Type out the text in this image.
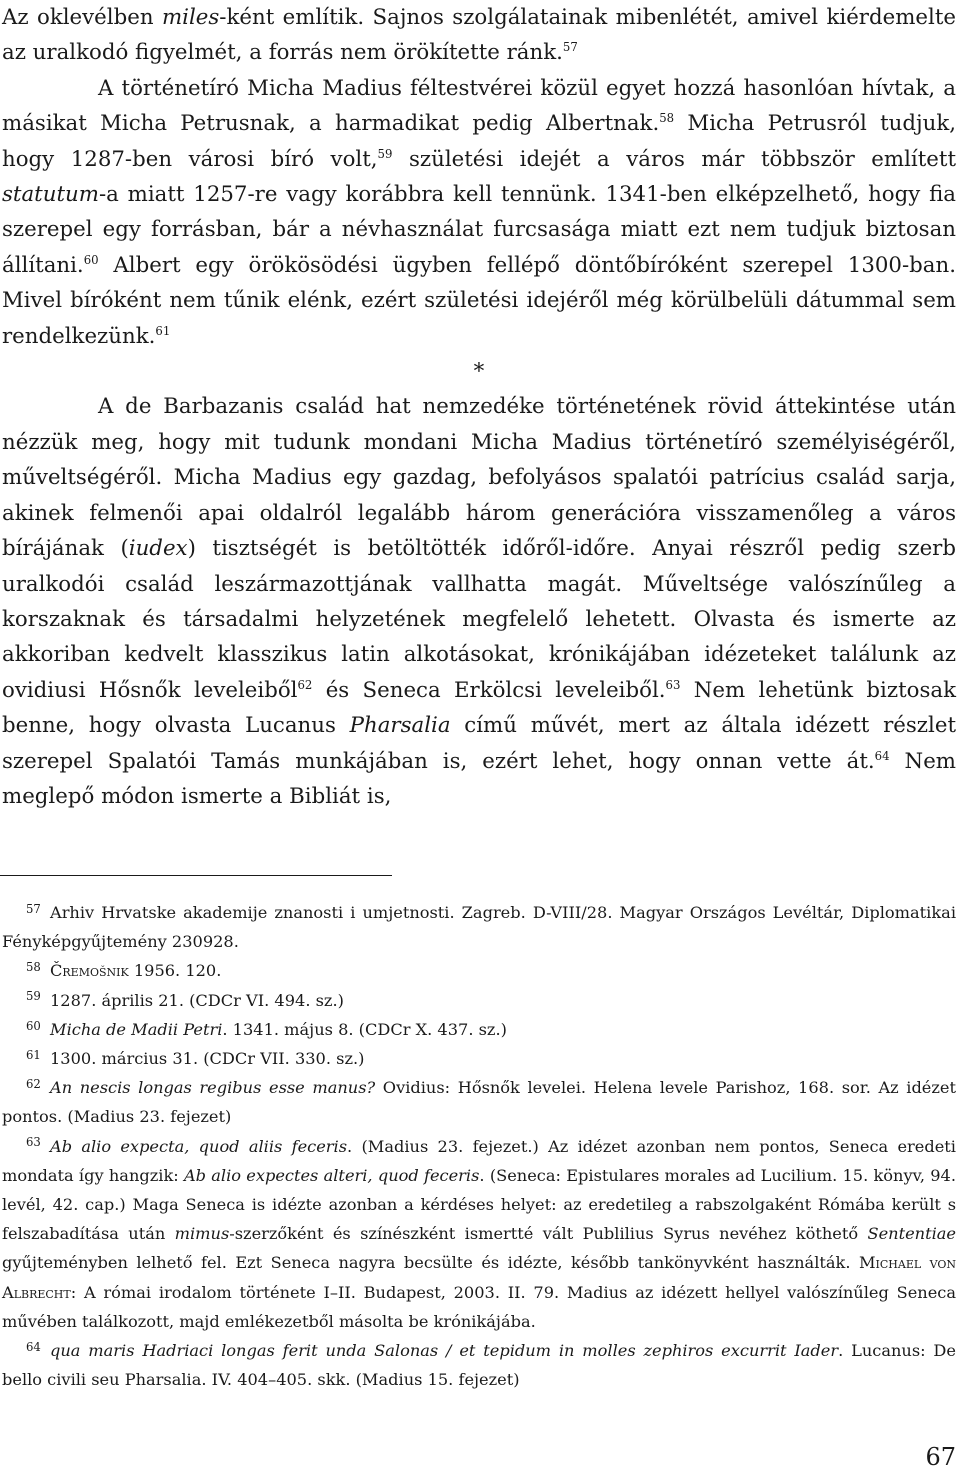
Az oklevélben miles-ként említik. Sajnos szolgálatainak mibenlétét, amivel kiérdemelte az uralkodó figyelmét, a forrás nem örökítette ránk.$^{57}$

A történetíró Micha Madius féltestvérei közül egyet hozzá hasonlóan hívtak, a másikat Micha Petrusnak, a harmadikat pedig Albertnak.$^{58}$ Micha Petrusról tudjuk, hogy 1287-ben városi bíró volt,$^{59}$ születési idejét a város már többször említett statutum-a miatt 1257-re vagy korábbra kell tennünk. 1341-ben elképzelhető, hogy fia szerepel egy forrásban, bár a névhasználat furcsasága miatt ezt nem tudjuk biztosan állítani.$^{60}$ Albert egy örökösödési ügyben fellépő döntőbíróként szerepel 1300-ban. Mivel bíróként nem tűnik elénk, ezért születési idejéről még körülbelüli dátummal sem rendelkezünk.$^{61}$

*

A de Barbazanis család hat nemzedéke történetének rövid áttekintése után nézzük meg, hogy mit tudunk mondani Micha Madius történetíró személyiségéről, műveltségéről. Micha Madius egy gazdag, befolyásos spalatói patrícius család sarja, akinek felmenői apai oldalról legalább három generációra visszamenőleg a város bírájának (iudex) tisztségét is betöltötték időről-időre. Anyai részről pedig szerb uralkodói család leszármazottjának vallhatta magát. Műveltsége valószínűleg a korszaknak és társadalmi helyzetének megfelelő lehetett. Olvasta és ismerte az akkoriban kedvelt klasszikus latin alkotásokat, krónikájában idézeteket találunk az ovidiusi Hősnők leveleiből$^{62}$ és Seneca Erkölcsi leveleiből.$^{63}$ Nem lehetünk biztosak benne, hogy olvasta Lucanus Pharsalia című művét, mert az általa idézett részlet szerepel Spalatói Tamás munkájában is, ezért lehet, hogy onnan vette át.$^{64}$ Nem meglepő módon ismerte a Bibliát is,

57 Arhiv Hrvatske akademije znanosti i umjetnosti. Zagreb. D-VIII/28. Magyar Országos Levéltár, Diplomatikai Fényképgyűjtemény 230928.

58 Čremošnik 1956. 120.

59 1287. április 21. (CDCr VI. 494. sz.)

60 Micha de Madii Petri. 1341. május 8. (CDCr X. 437. sz.)

61 1300. március 31. (CDCr VII. 330. sz.)

62 An nescis longas regibus esse manus? Ovidius: Hősnők levelei. Helena levele Parishoz, 168. sor. Az idézet pontos. (Madius 23. fejezet)

63 Ab alio expecta, quod aliis feceris. (Madius 23. fejezet.) Az idézet azonban nem pontos, Seneca eredeti mondata így hangzik: Ab alio expectes alteri, quod feceris. (Seneca: Epistulares morales ad Lucilium. 15. könyv, 94. levél, 42. cap.) Maga Seneca is idézte azonban a kérdéses helyet: az eredetileg a rabszolgaként Rómába került s felszabadítása után mimus-szerzőként és színészként ismertté vált Publilius Syrus nevéhez köthető Sententiae gyűjteményben lelhető fel. Ezt Seneca nagyra becsülte és idézte, később tankönyvként használták. Michael von Albrecht: A római irodalom története I–II. Budapest, 2003. II. 79. Madius az idézett hellyel valószínűleg Seneca művében találkozott, majd emlékezetből másolta be krónikájába.

64 qua maris Hadriaci longas ferit unda Salonas / et tepidum in molles zephiros excurrit Iader. Lucanus: De bello civili seu Pharsalia. IV. 404–405. skk. (Madius 15. fejezet)

67
